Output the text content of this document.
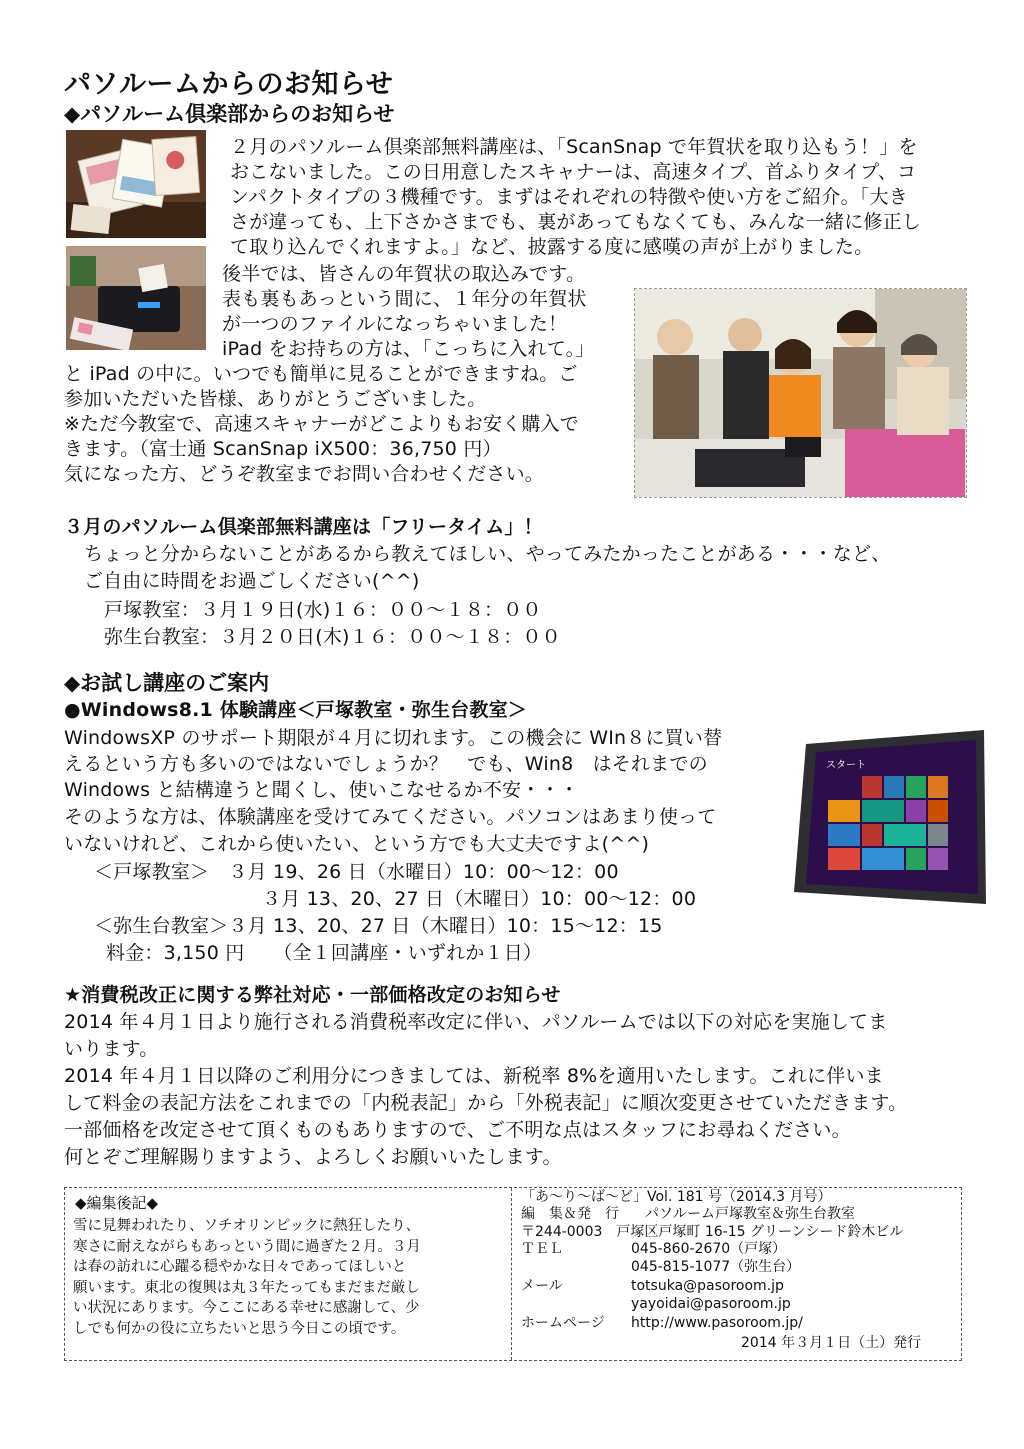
パソルームからのお知らせ
◆パソルーム倶楽部からのお知らせ
２月のパソルーム倶楽部無料講座は、「ScanSnap で年賀状を取り込もう！」を
おこないました。この日用意したスキャナーは、高速タイプ、首ふりタイプ、コ
ンパクトタイプの３機種です。まずはそれぞれの特徴や使い方をご紹介。「大き
さが違っても、上下さかさまでも、裏があってもなくても、みんな一緒に修正し
て取り込んでくれますよ。」など、披露する度に感嘆の声が上がりました。
後半では、皆さんの年賀状の取込みです。
表も裏もあっという間に、１年分の年賀状
が一つのファイルになっちゃいました！
iPad をお持ちの方は、「こっちに入れて。」
と iPad の中に。いつでも簡単に見ることができますね。ご
参加いただいた皆様、ありがとうございました。
※ただ今教室で、高速スキャナーがどこよりもお安く購入で
きます。（富士通 ScanSnap iX500：36,750 円）
気になった方、どうぞ教室までお問い合わせください。
３月のパソルーム倶楽部無料講座は「フリータイム」！
ちょっと分からないことがあるから教えてほしい、やってみたかったことがある・・・など、
ご自由に時間をお過ごしください(^^)
戸塚教室：３月１９日(水)１６：００～１８：００
弥生台教室：３月２０日(木)１６：００～１８：００
◆お試し講座のご案内
●Windows8.1 体験講座＜戸塚教室・弥生台教室＞
WindowsXP のサポート期限が４月に切れます。この機会に WIn８に買い替
えるという方も多いのではないでしょうか？　でも、Win8　はそれまでの
Windows と結構違うと聞くし、使いこなせるか不安・・・
そのような方は、体験講座を受けてみてください。パソコンはあまり使って
いないけれど、これから使いたい、という方でも大丈夫ですよ(^^)
＜戸塚教室＞　３月 19、26 日（水曜日）10：00～12：00
３月 13、20、27 日（木曜日）10：00～12：00
＜弥生台教室＞３月 13、20、27 日（木曜日）10：15～12：15
料金：3,150 円　　（全１回講座・いずれか１日）
スタート
★消費税改正に関する弊社対応・一部価格改定のお知らせ
2014 年４月１日より施行される消費税率改定に伴い、パソルームでは以下の対応を実施してま
いります。
2014 年４月１日以降のご利用分につきましては、新税率 8%を適用いたします。これに伴いま
して料金の表記方法をこれまでの「内税表記」から「外税表記」に順次変更させていただきます。
一部価格を改定させて頂くものもありますので、ご不明な点はスタッフにお尋ねください。
何とぞご理解賜りますよう、よろしくお願いいたします。
◆編集後記◆
雪に見舞われたり、ソチオリンピックに熱狂したり、
寒さに耐えながらもあっという間に過ぎた２月。３月
は春の訪れに心躍る穏やかな日々であってほしいと
願います。東北の復興は丸３年たってもまだまだ厳し
い状況にあります。今ここにある幸せに感謝して、少
しでも何かの役に立ちたいと思う今日この頃です。
「あ～り～ば～ど」Vol. 181 号（2014.3 月号）
編　集＆発　行 パソルーム戸塚教室＆弥生台教室
〒244-0003　戸塚区戸塚町 16-15 グリーンシード鈴木ビル
ＴＥＬ	045-860-2670（戸塚）
045-815-1077（弥生台）
メール	totsuka@pasoroom.jp
yayoidai@pasoroom.jp
ホームページ http://www.pasoroom.jp/
2014 年３月１日（土）発行
